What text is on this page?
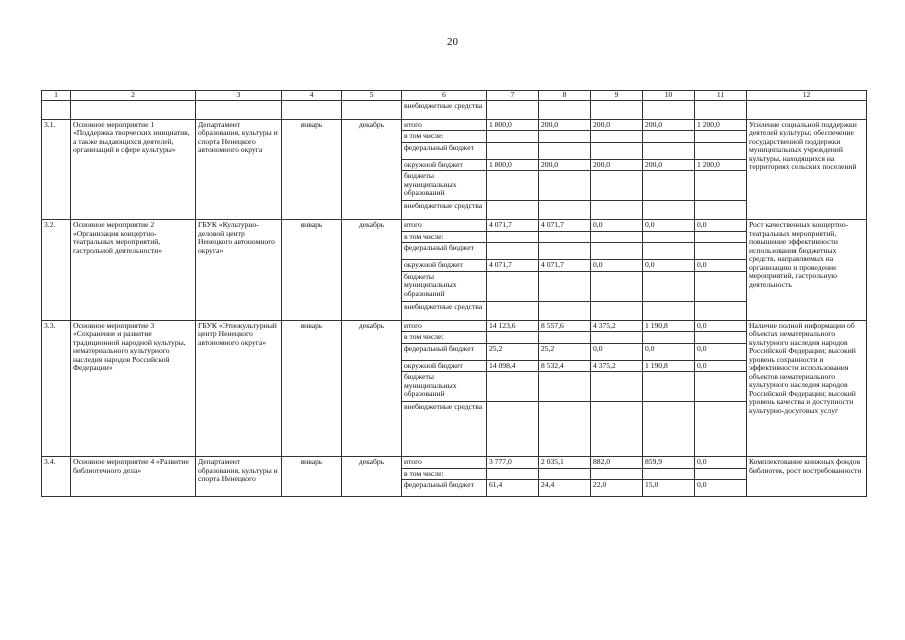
20
1	2	3	4	5	6	7	8	9	10	11	12
					внебюджетные средства						
3.1.	Основное мероприятие 1 «Поддержка творческих инициатив, а также выдающихся деятелей, организаций в сфере культуры»	Департамент образования, культуры и спорта Ненецкого автономного округа	январь	декабрь	итого	1 800,0	200,0	200,0	200,0	1 200,0	Усиление социальной поддержки деятелей культуры; обеспечение государственной поддержки муниципальных учреждений культуры, находящихся на территориях сельских поселений
					в том числе:						
					федеральный бюджет						
					окружной бюджет	1 800,0	200,0	200,0	200,0	1 200,0	
					бюджеты муниципальных образований						
					внебюджетные средства						
3.2.	Основное мероприятие 2 «Организация концертно-театральных мероприятий, гастрольной деятельности»	ГБУК «Культурно-деловой центр Ненецкого автономного округа»	январь	декабрь	итого	4 071,7	4 071,7	0,0	0,0	0,0	Рост качественных концертно-театральных мероприятий, повышение эффективности использования бюджетных средств, направляемых на организацию и проведение мероприятий, гастрольную деятельность
					в том числе:						
					федеральный бюджет						
					окружной бюджет	4 071,7	4 071,7	0,0	0,0	0,0	
					бюджеты муниципальных образований						
					внебюджетные средства						
3.3.	Основное мероприятие 3 «Сохранение и развитие традиционной народной культуры, нематериального культурного наследия народов Российской Федерации»	ГБУК «Этнокультурный центр Ненецкого автономного округа»	январь	декабрь	итого	14 123,6	8 557,6	4 375,2	1 190,8	0,0	Наличие полной информации об объектах нематериального культурного наследия народов Российской Федерации; высокий уровень сохранности и эффективности использования объектов нематериального культурного наследия народов Российской Федерации; высокий уровень качества и доступности культурно-досуговых услуг
					в том числе:						
					федеральный бюджет	25,2	25,2	0,0	0,0	0,0	
					окружной бюджет	14 098,4	8 532,4	4 375,2	1 190,8	0,0	
					бюджеты муниципальных образований						
					внебюджетные средства						
3.4.	Основное мероприятие 4 «Развитие библиотечного дела»	Департамент образования, культуры и спорта Ненецкого	январь	декабрь	итого	3 777,0	2 035,1	882,0	859,9	0,0	Комплектование книжных фондов библиотек, рост востребованности
					в том числе:						
					федеральный бюджет	61,4	24,4	22,0	15,0	0,0	
